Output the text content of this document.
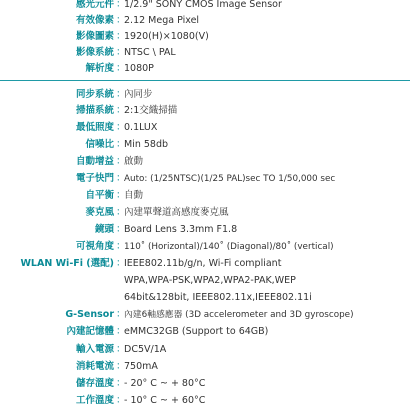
感光元件 ：
1/2.9" SONY CMOS Image Sensor
有效像素 ：
2.12 Mega Pixel
影像圖素 ：
1920(H)×1080(V)
影像系統 ：
NTSC \ PAL
解析度 ：
1080P
同步系統 ：
內同步
掃描系統 ：
2:1交織掃描
最低照度 ：
0.1LUX
信噪比 ：
Min 58db
自動增益 ：
啟動
電子快門 ：
Auto: (1/25NTSC)(1/25 PAL)sec TO 1/50,000 sec
自平衡 ：
自動
麥克風 ：
內建單聲道高感度麥克風
鏡頭 ：
Board Lens 3.3mm F1.8
可視角度 ：
110˚ (Horizontal)/140˚ (Diagonal)/80˚ (vertical)
WLAN Wi-Fi (選配) ：
IEEE802.11b/g/n, Wi-Fi compliant
WPA,WPA-PSK,WPA2,WPA2-PAK,WEP
64bit&128bit, IEEE802.11x,IEEE802.11i
G-Sensor ：
內建6軸感應器 (3D accelerometer and 3D gyroscope)
內建記憶體 ：
eMMC32GB (Support to 64GB)
輸入電源 ：
DC5V/1A
消耗電流 ：
750mA
儲存溫度 ：
- 20° C ~ + 80°C
工作溫度 ：
- 10° C ~ + 60°C
